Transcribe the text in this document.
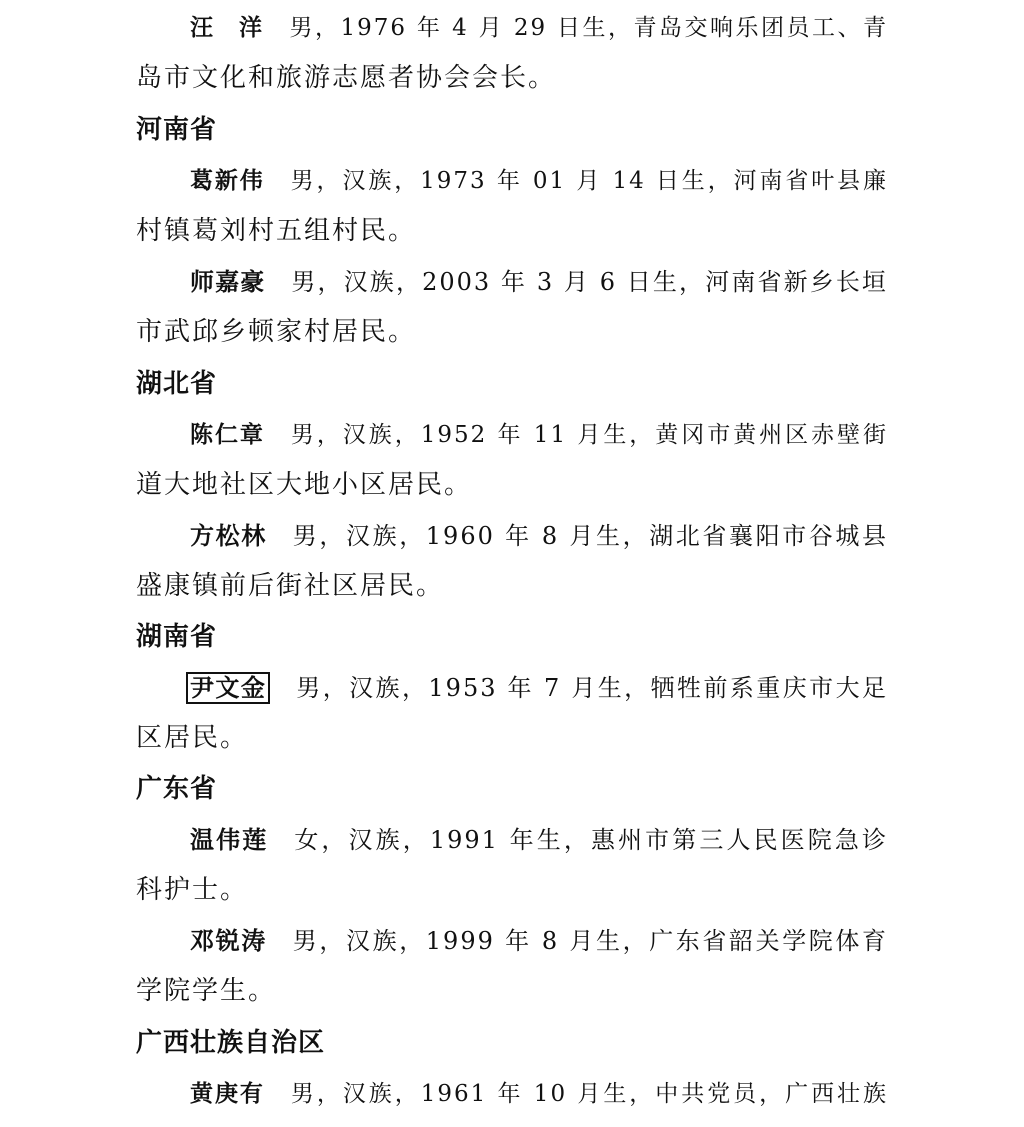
汪　洋 男，1976 年 4 月 29 日生，青岛交响乐团员工、青
岛市文化和旅游志愿者协会会长。
河南省
葛新伟 男，汉族，1973 年 01 月 14 日生，河南省叶县廉
村镇葛刘村五组村民。
师嘉豪 男，汉族，2003 年 3 月 6 日生，河南省新乡长垣
市武邱乡顿家村居民。
湖北省
陈仁章 男，汉族，1952 年 11 月生，黄冈市黄州区赤壁街
道大地社区大地小区居民。
方松林 男，汉族，1960 年 8 月生，湖北省襄阳市谷城县
盛康镇前后街社区居民。
湖南省
尹文金 男，汉族，1953 年 7 月生，牺牲前系重庆市大足
区居民。
广东省
温伟莲 女，汉族，1991 年生，惠州市第三人民医院急诊
科护士。
邓锐涛 男，汉族，1999 年 8 月生，广东省韶关学院体育
学院学生。
广西壮族自治区
黄庚有 男，汉族，1961 年 10 月生，中共党员，广西壮族
